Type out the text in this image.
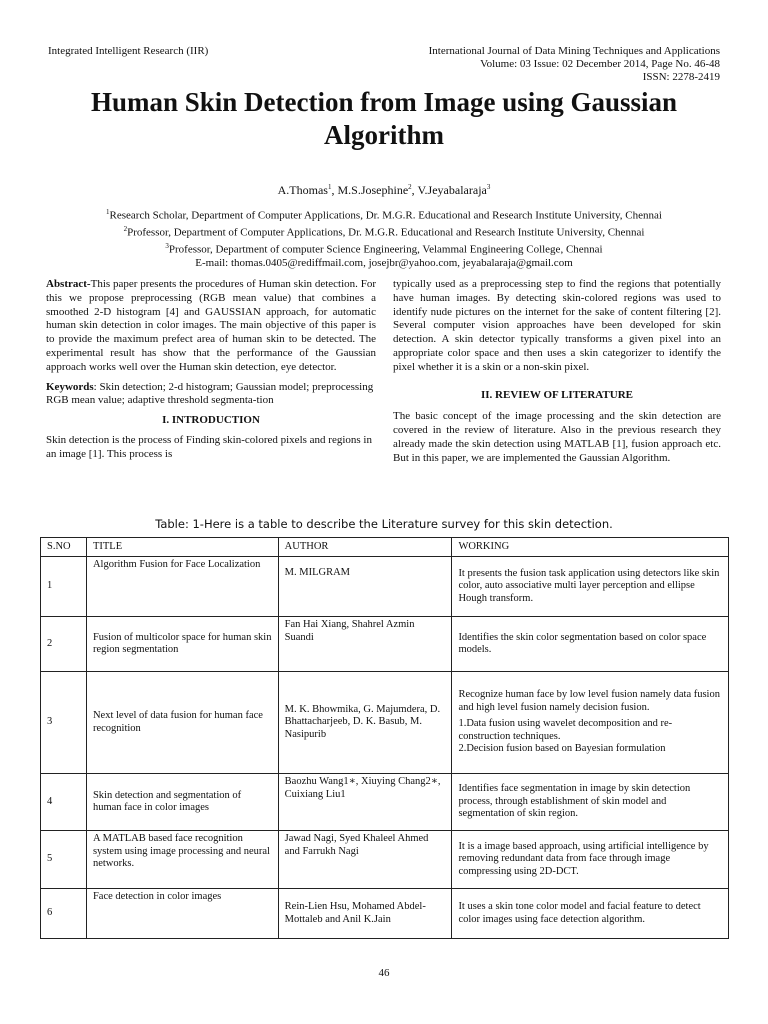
Integrated Intelligent Research (IIR)	International Journal of Data Mining Techniques and Applications
Volume: 03 Issue: 02 December 2014, Page No. 46-48
ISSN: 2278-2419
Human Skin Detection from Image using Gaussian Algorithm
A.Thomas$^1$, M.S.Josephine$^2$, V.Jeyabalaraja$^3$
$^1$Research Scholar, Department of Computer Applications, Dr. M.G.R. Educational and Research Institute University, Chennai
$^2$Professor, Department of Computer Applications, Dr. M.G.R. Educational and Research Institute University, Chennai
$^3$Professor, Department of computer Science Engineering, Velammal Engineering College, Chennai
E-mail: thomas.0405@rediffmail.com, josejbr@yahoo.com, jeyabalaraja@gmail.com

Abstract-This paper presents the procedures of Human skin detection. For this we propose preprocessing (RGB mean value) that combines a smoothed 2-D histogram [4] and GAUSSIAN approach, for automatic human skin detection in color images. The main objective of this paper is to provide the maximum prefect area of human skin to be detected. The experimental result has show that the performance of the Gaussian approach works well over the Human skin detection, eye detector.

Keywords: Skin detection; 2-d histogram; Gaussian model; preprocessing RGB mean value; adaptive threshold segmenta-tion

I. INTRODUCTION

Skin detection is the process of Finding skin-colored pixels and regions in an image [1]. This process is

typically used as a preprocessing step to find the regions that potentially have human images. By detecting skin-colored regions was used to identify nude pictures on the internet for the sake of content filtering [2]. Several computer vision approaches have been developed for skin detection. A skin detector typically transforms a given pixel into an appropriate color space and then uses a skin categorizer to identify the pixel whether it is a skin or a non-skin pixel.

II. REVIEW OF LITERATURE

The basic concept of the image processing and the skin detection are covered in the review of literature. Also in the previous research they already made the skin detection using MATLAB [1], fusion approach etc. But in this paper, we are implemented the Gaussian Algorithm.

Table: 1-Here is a table to describe the Literature survey for this skin detection.
S.NO	TITLE	AUTHOR	WORKING
1	Algorithm Fusion for Face Localization	M. MILGRAM	It presents the fusion task application using detectors like skin color, auto associative multi layer perception and ellipse Hough transform.
2	Fusion of multicolor space for human skin region segmentation	Fan Hai Xiang, Shahrel Azmin Suandi	Identifies the skin color segmentation based on color space models.
3	Next level of data fusion for human face recognition	M. K. Bhowmika, G. Majumdera, D. Bhattacharjeeb, D. K. Basub, M. Nasipurib	Recognize human face by low level fusion namely data fusion and high level fusion namely decision fusion.
1.Data fusion using wavelet decomposition and re-construction techniques.
2.Decision fusion based on Bayesian formulation

4	Skin detection and segmentation of human face in color images	Baozhu Wang1∗, Xiuying Chang2∗, Cuixiang Liu1	Identifies face segmentation in image by skin detection process, through establishment of skin model and segmentation of skin region.
5	A MATLAB based face recognition system using image processing and neural networks.	Jawad Nagi, Syed Khaleel Ahmed and Farrukh Nagi	It is a image based approach, using artificial intelligence by removing redundant data from face through image compressing using 2D-DCT.
6	Face detection in color images	Rein-Lien Hsu, Mohamed Abdel-Mottaleb and Anil K.Jain	It uses a skin tone color model and facial feature to detect color images using face detection algorithm.
46
